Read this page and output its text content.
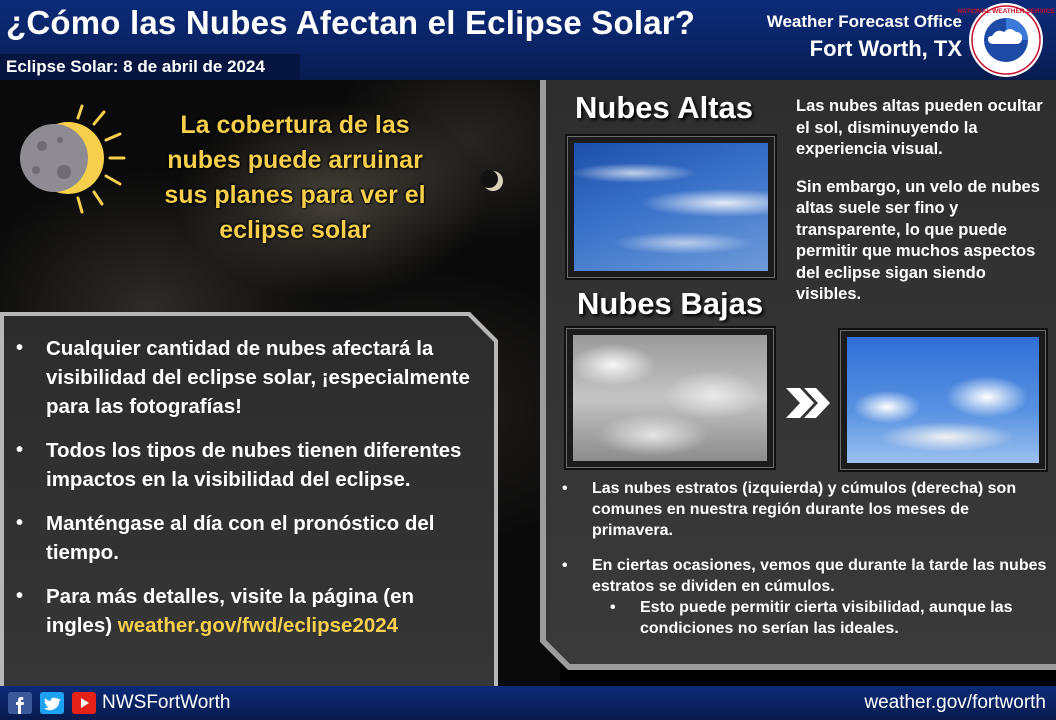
¿Cómo las Nubes Afectan el Eclipse Solar?
Eclipse Solar: 8 de abril de 2024
Weather Forecast Office
Fort Worth, TX
NATIONAL WEATHER SERVICE
La cobertura de las
nubes puede arruinar
sus planes para ver el
eclipse solar
• Cualquier cantidad de nubes afectará la visibilidad del eclipse solar, ¡especialmente para las fotografías!
• Todos los tipos de nubes tienen diferentes impactos en la visibilidad del eclipse.
• Manténgase al día con el pronóstico del tiempo.
• Para más detalles, visite la página (en ingles) weather.gov/fwd/eclipse2024
Nubes Altas	Las nubes altas pueden ocultar el sol, disminuyendo la experiencia visual.

Sin embargo, un velo de nubes altas suele ser fino y transparente, lo que puede permitir que muchos aspectos del eclipse sigan siendo visibles.

Nubes Bajas
• Las nubes estratos (izquierda) y cúmulos (derecha) son comunes en nuestra región durante los meses de primavera.
• En ciertas ocasiones, vemos que durante la tarde las nubes estratos se dividen en cúmulos.
• Esto puede permitir cierta visibilidad, aunque las condiciones no serían las ideales.
NWSFortWorth	weather.gov/fortworth
